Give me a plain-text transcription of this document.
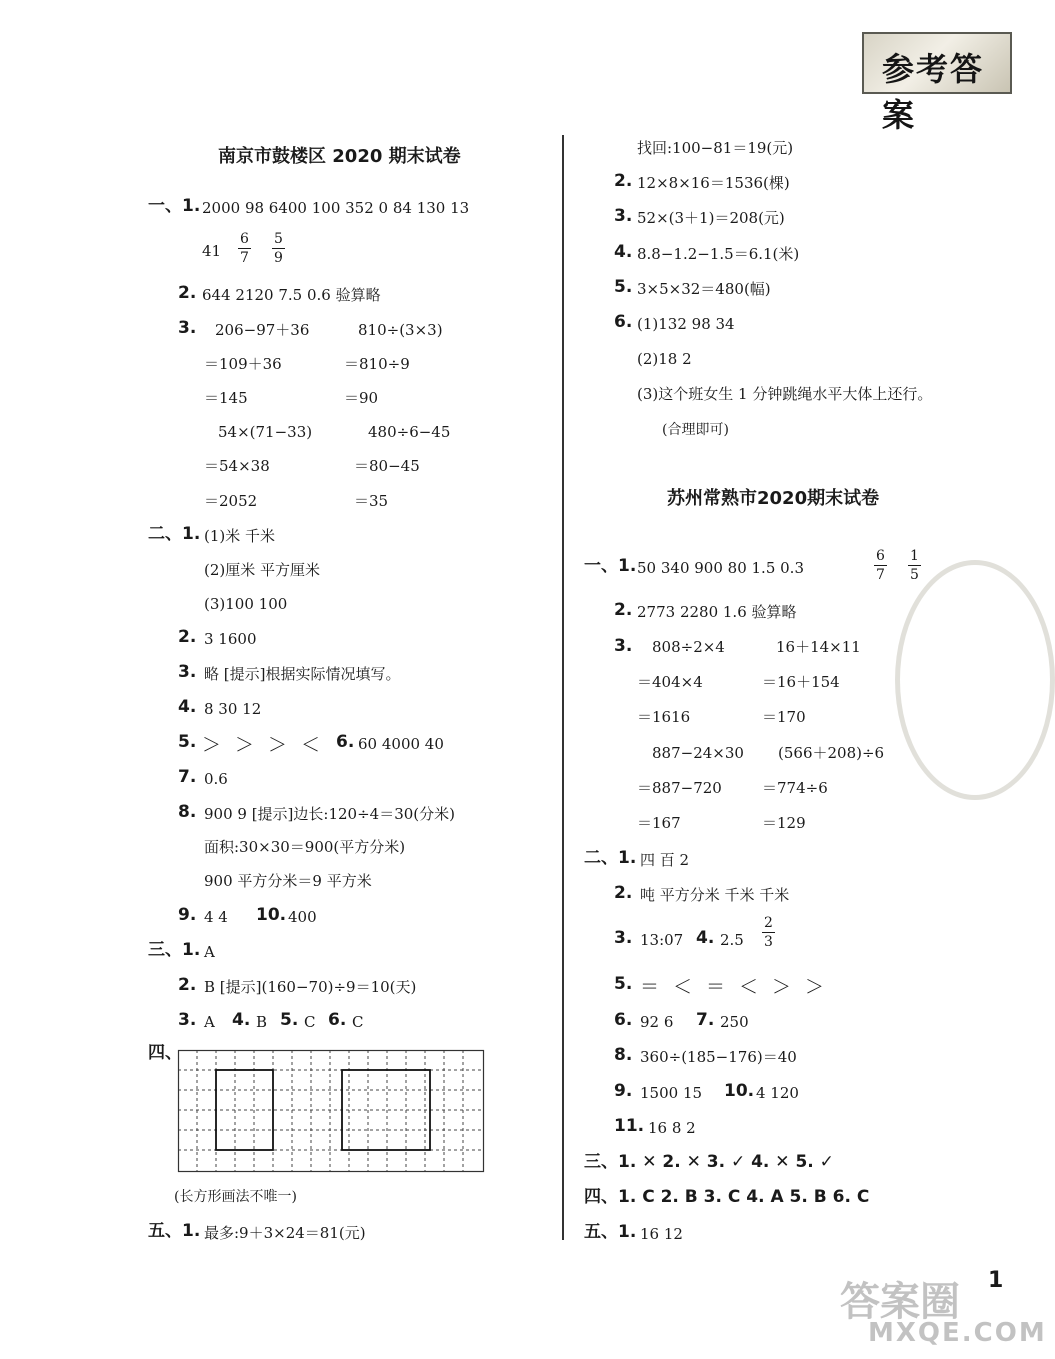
参考答案
南京市鼓楼区 2020 期末试卷
一、1. 2000 98 6400 100 352 0 84 130 13
41
6
7
5
9
2. 644 2120 7.5 0.6 验算略
3. 206−97＋36
＝109＋36
＝145
810÷(3×3)
＝810÷9
＝90
54×(71−33)
＝54×38
＝2052
480÷6−45
＝80−45
＝35
二、1. (1)米 千米
(2)厘米 平方厘米
(3)100 100
2. 3 1600
3. 略 [提示]根据实际情况填写。
4. 8 30 12
5. ＞＞＞＜ 6. 60 4000 40
7. 0.6
8. 900 9 [提示]边长:120÷4＝30(分米)
面积:30×30＝900(平方分米)
900 平方分米＝9 平方米
9. 4 4 10. 400
三、1. A
2. B [提示](160−70)÷9＝10(天)
3. A 4. B 5. C 6. C
四、
(长方形画法不唯一)
五、1. 最多:9＋3×24＝81(元)
找回:100−81＝19(元)
2. 12×8×16＝1536(棵)
3. 52×(3＋1)＝208(元)
4. 8.8−1.2−1.5＝6.1(米)
5. 3×5×32＝480(幅)
6. (1)132 98 34
(2)18 2
(3)这个班女生 1 分钟跳绳水平大体上还行。
(合理即可)
苏州常熟市2020期末试卷
一、1. 50 340 900 80 1.5 0.3
6
7
1
5
2. 2773 2280 1.6 验算略
3. 808÷2×4
＝404×4
＝1616
16＋14×11
＝16＋154
＝170
887−24×30
＝887−720
＝167
(566＋208)÷6
＝774÷6
＝129
二、1. 四 百 2
2. 吨 平方分米 千米 千米
3. 13:07 4. 2.5
2
3
5. ＝＜＝＜＞＞
6. 92 6 7. 250
8. 360÷(185−176)＝40
9. 1500 15 10. 4 120
11. 16 8 2
三、1. ✕ 2. ✕ 3. ✓ 4. ✕ 5. ✓
四、1. C 2. B 3. C 4. A 5. B 6. C
五、1. 16 12
1
答案圈
MXQE.COM
